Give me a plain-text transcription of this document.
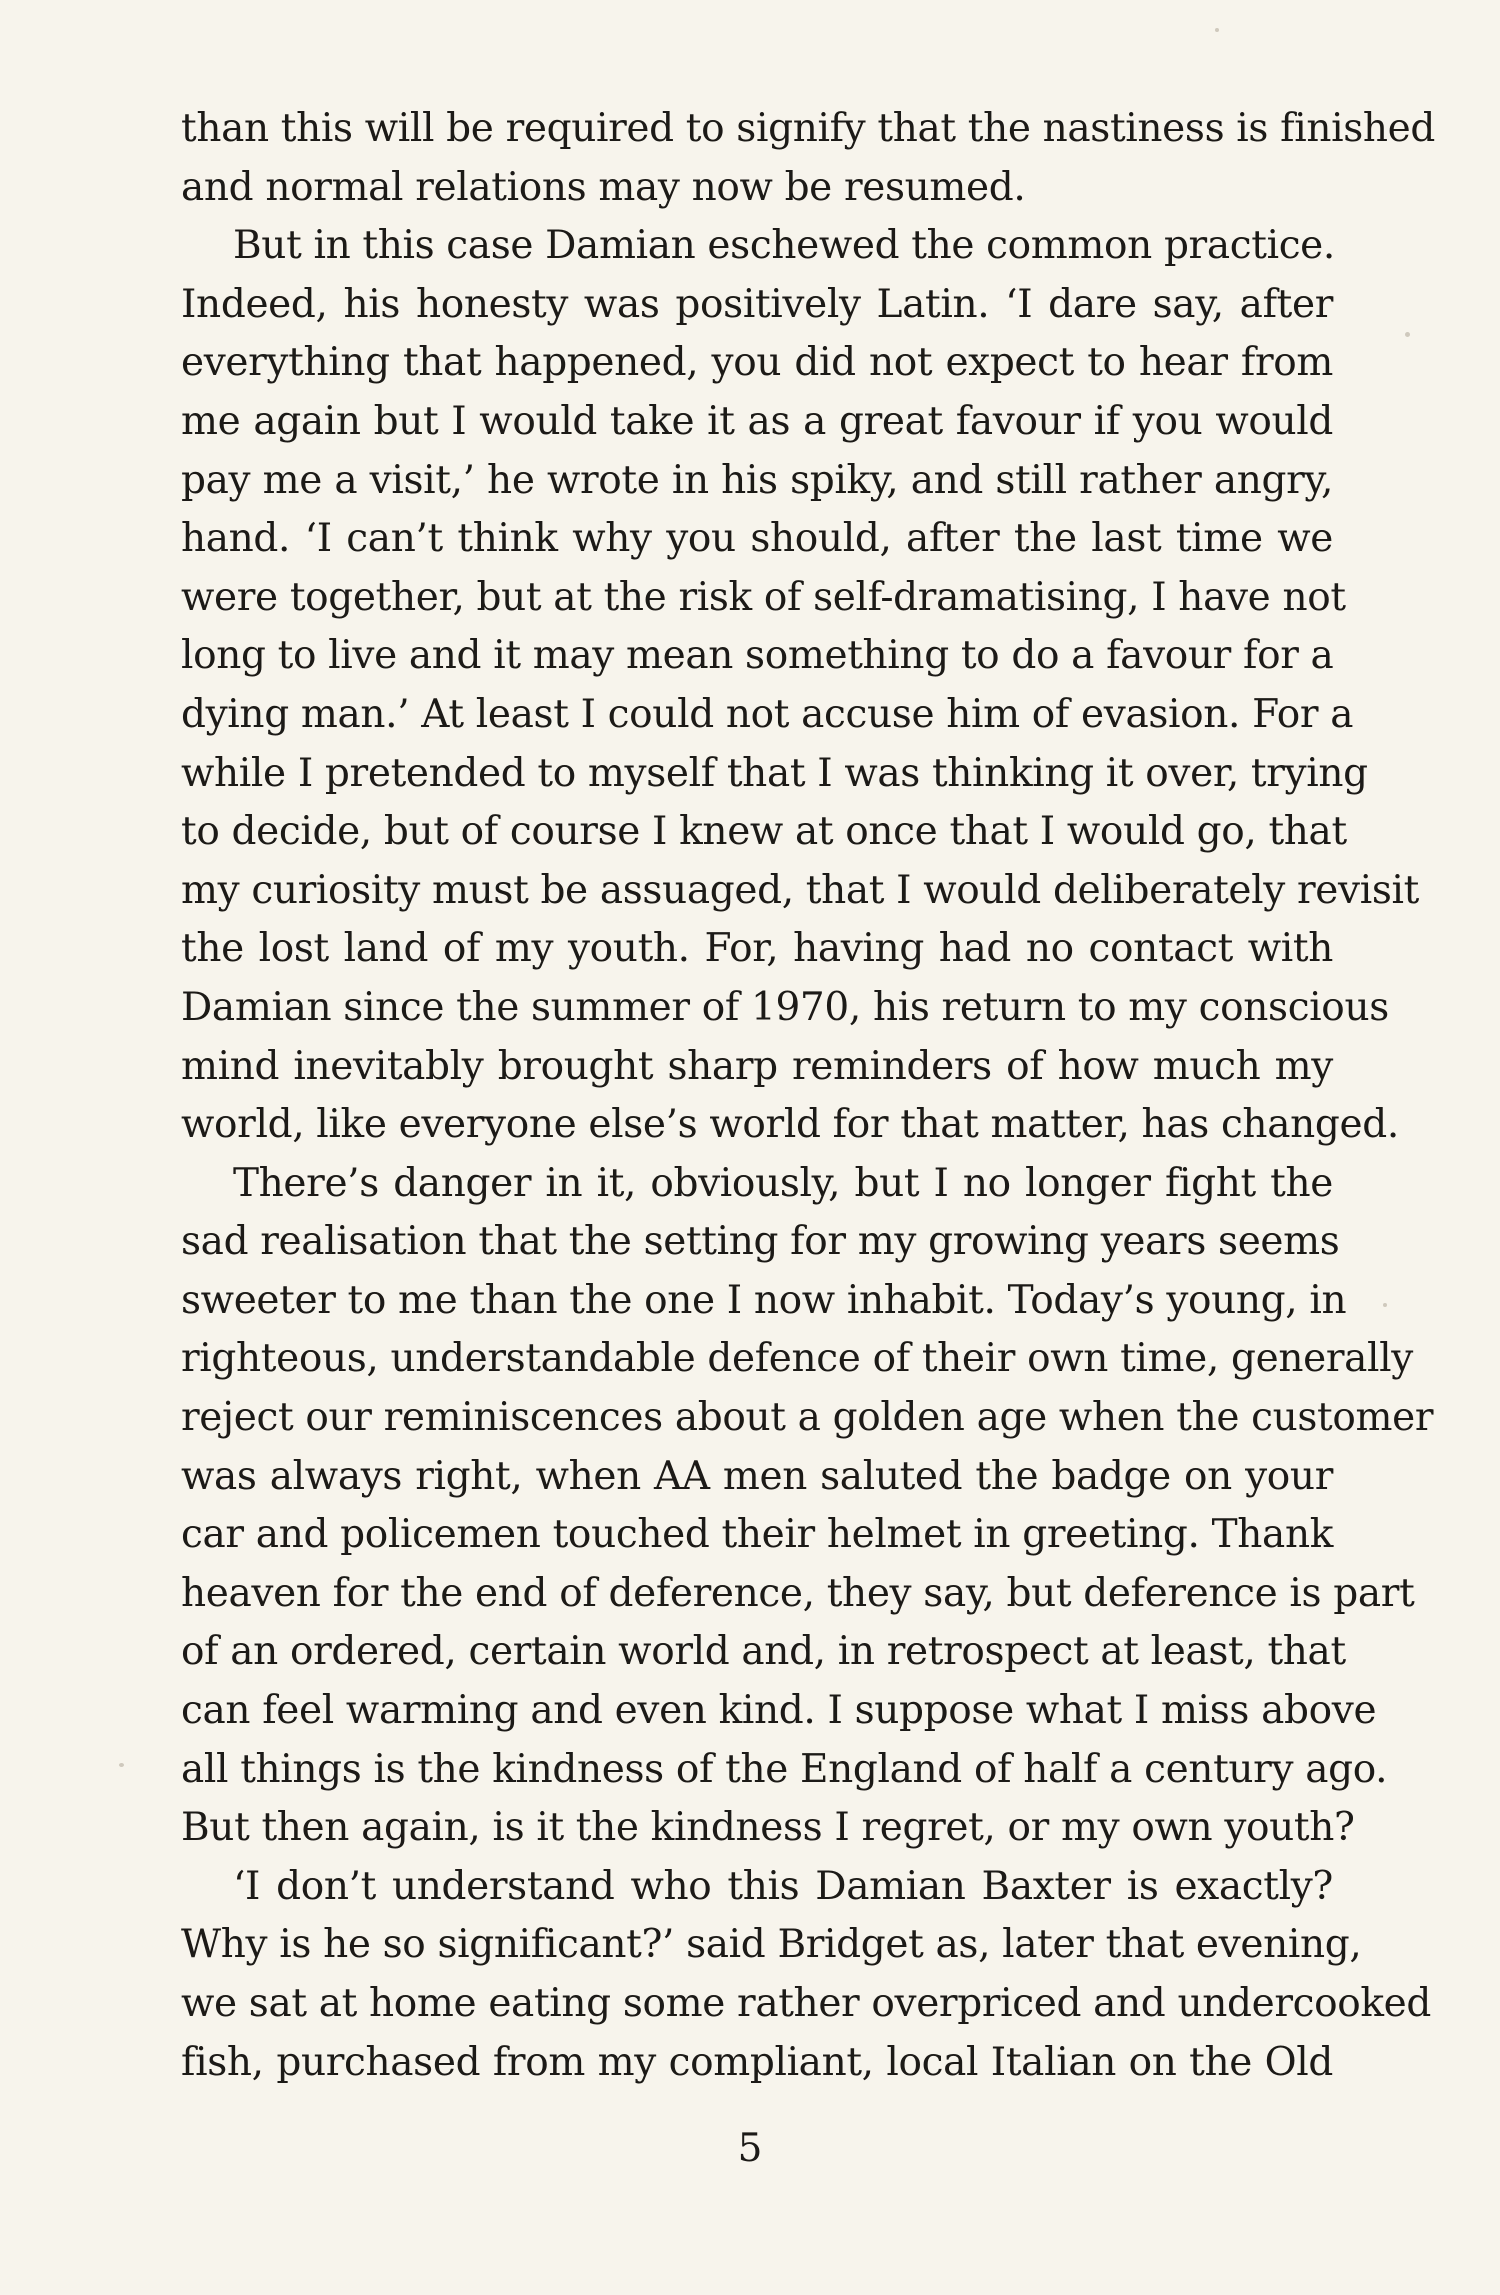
than this will be required to signify that the nastiness is finished
and normal relations may now be resumed.
But in this case Damian eschewed the common practice.
Indeed, his honesty was positively Latin. ‘I dare say, after
everything that happened, you did not expect to hear from
me again but I would take it as a great favour if you would
pay me a visit,’ he wrote in his spiky, and still rather angry,
hand. ‘I can’t think why you should, after the last time we
were together, but at the risk of self-dramatising, I have not
long to live and it may mean something to do a favour for a
dying man.’ At least I could not accuse him of evasion. For a
while I pretended to myself that I was thinking it over, trying
to decide, but of course I knew at once that I would go, that
my curiosity must be assuaged, that I would deliberately revisit
the lost land of my youth. For, having had no contact with
Damian since the summer of 1970, his return to my conscious
mind inevitably brought sharp reminders of how much my
world, like everyone else’s world for that matter, has changed.
There’s danger in it, obviously, but I no longer fight the
sad realisation that the setting for my growing years seems
sweeter to me than the one I now inhabit. Today’s young, in
righteous, understandable defence of their own time, generally
reject our reminiscences about a golden age when the customer
was always right, when AA men saluted the badge on your
car and policemen touched their helmet in greeting. Thank
heaven for the end of deference, they say, but deference is part
of an ordered, certain world and, in retrospect at least, that
can feel warming and even kind. I suppose what I miss above
all things is the kindness of the England of half a century ago.
But then again, is it the kindness I regret, or my own youth?
‘I don’t understand who this Damian Baxter is exactly?
Why is he so significant?’ said Bridget as, later that evening,
we sat at home eating some rather overpriced and undercooked
fish, purchased from my compliant, local Italian on the Old
5
